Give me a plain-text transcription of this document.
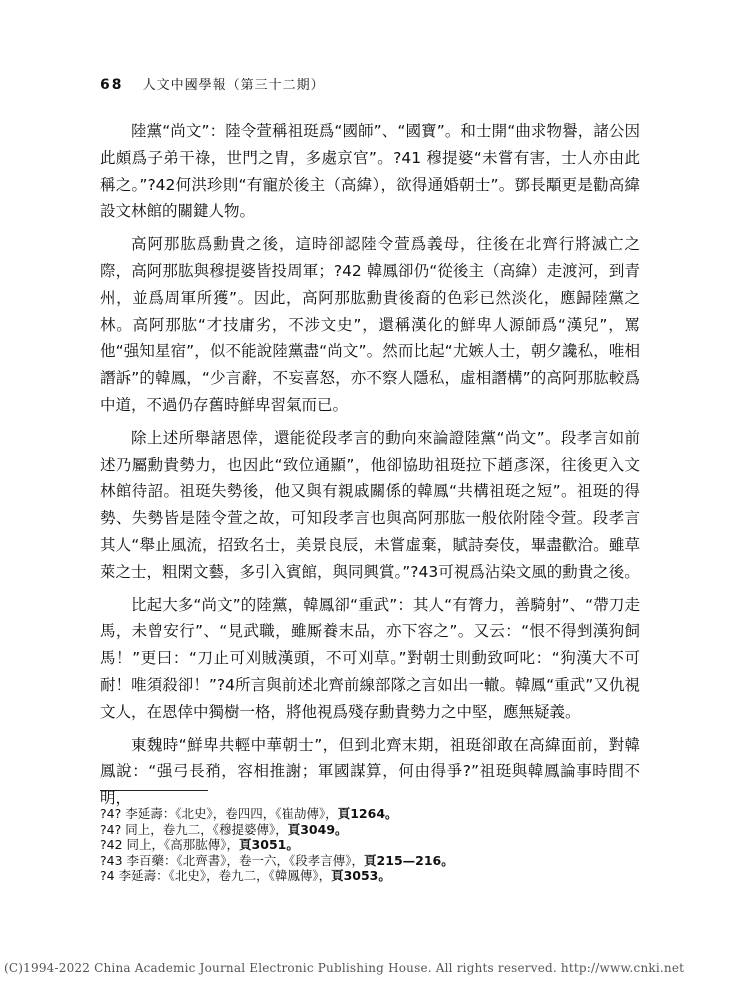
68 人文中國學報（第三十二期）

陸黨“尚文”：陸令萱稱祖珽爲“國師”、“國寶”。和士開“曲求物譽，諸公因此頗爲子弟干祿，世門之胄，多處京官”。?41 穆提婆“未嘗有害，士人亦由此稱之。”?42何洪珍則“有寵於後主（高緯），欲得通婚朝士”。鄧長顒更是勸高緯設文林館的關鍵人物。

高阿那肱爲勳貴之後，這時卻認陸令萱爲義母，往後在北齊行將滅亡之際，高阿那肱與穆提婆皆投周軍；?42 韓鳳卻仍“從後主（高緯）走渡河，到青州，並爲周軍所獲”。因此，高阿那肱勳貴後裔的色彩已然淡化，應歸陸黨之林。高阿那肱“才技庸劣，不涉文史”，還稱漢化的鮮卑人源師爲“漢兒”，罵他“强知星宿”，似不能說陸黨盡“尚文”。然而比起“尤嫉人士，朝夕讒私，唯相譖訴”的韓鳳，“少言辭，不妄喜怒，亦不察人隱私，虛相譖構”的高阿那肱較爲中道，不過仍存舊時鮮卑習氣而已。

除上述所舉諸恩倖，還能從段孝言的動向來論證陸黨“尚文”。段孝言如前述乃屬勳貴勢力，也因此“致位通顯”，他卻協助祖珽拉下趙彥深，往後更入文林館待詔。祖珽失勢後，他又與有親戚關係的韓鳳“共構祖珽之短”。祖珽的得勢、失勢皆是陸令萱之故，可知段孝言也與高阿那肱一般依附陸令萱。段孝言其人“舉止風流，招致名士，美景良辰，未嘗虛棄，賦詩奏伎，畢盡歡洽。雖草萊之士，粗閑文藝，多引入賓館，與同興賞。”?43可視爲沾染文風的勳貴之後。

比起大多“尚文”的陸黨，韓鳳卻“重武”：其人“有膂力，善騎射”、“帶刀走馬，未曾安行”、“見武職，雖厮養末品，亦下容之”。又云：“恨不得剉漢狗飼馬！”更曰：“刀止可刈賊漢頭，不可刈草。”對朝士則動致呵叱：“狗漢大不可耐！唯須殺卻！”?4所言與前述北齊前線部隊之言如出一轍。韓鳳“重武”又仇視文人，在恩倖中獨樹一格，將他視爲殘存勳貴勢力之中堅，應無疑義。

東魏時“鮮卑共輕中華朝士”，但到北齊末期，祖珽卻敢在高緯面前，對韓鳳說：“强弓長矟，容相推謝；軍國謀算，何由得爭?”祖珽與韓鳳論事時間不明，

?4? 李延壽：《北史》，卷四四，《崔劼傳》，頁1264。
?4? 同上，卷九二，《穆提婆傳》，頁3049。
?42 同上，《高那肱傳》，頁3051。
?43 李百藥：《北齊書》，卷一六，《段孝言傳》，頁215—216。
?4 李延壽：《北史》，卷九二，《韓鳳傳》，頁3053。
(C)1994-2022 China Academic Journal Electronic Publishing House. All rights reserved. http://www.cnki.net
